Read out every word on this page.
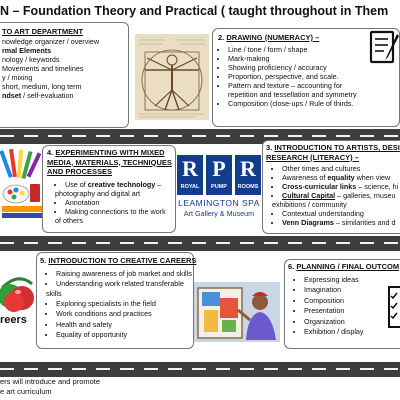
N – Foundation Theory and Practical ( taught throughout in Them
TO ART DEPARTMENT
nowledge organizer / overview
rmal Elements
nology / keywords
Movements and timelines
y / mixing
short, medium, long term
ndset / self-evaluation
2. DRAWING (NUMERACY) –
• Line / tone / form / shape
• Mark-making
• Showing proficiency / accuracy
• Proportion, perspective, and scale.
• Pattern and texture – accounting for
repetition and tessellation and symmetry
• Composition (close-ups / Rule of thirds.
4. EXPERIMENTING WITH MIXED
MEDIA, MATERIALS, TECHNIQUES
AND PROCESSES
• Use of creative technology –
photography and digital art
• Annotation
• Making connections to the work
of others
R
ROYAL
P
PUMP
R
ROOMS
LEAMINGTON SPA
Art Gallery & Museum
3. INTRODUCTION TO ARTISTS, DESI
RESEARCH (LITERACY) –
• Other times and cultures
• Awareness of equality when view
• Cross-curricular links – science, hi
• Cultural Capital – galleries, museu
exhibitions / community
• Contextual understanding
• Venn Diagrams – similarities and d
reers
5. INTRODUCTION TO CREATIVE CAREERS
• Raising awareness of job market and skills
• Understanding work related transferable
skills
• Exploring specialists in the field
• Work conditions and practices
• Health and safety
• Equality of opportunity
6. PLANNING / FINAL OUTCOM
• Expressing ideas
• Imagination
• Composition
• Presentation
• Organization
• Exhibition / display
ers will introduce and promote
e art curriculum
